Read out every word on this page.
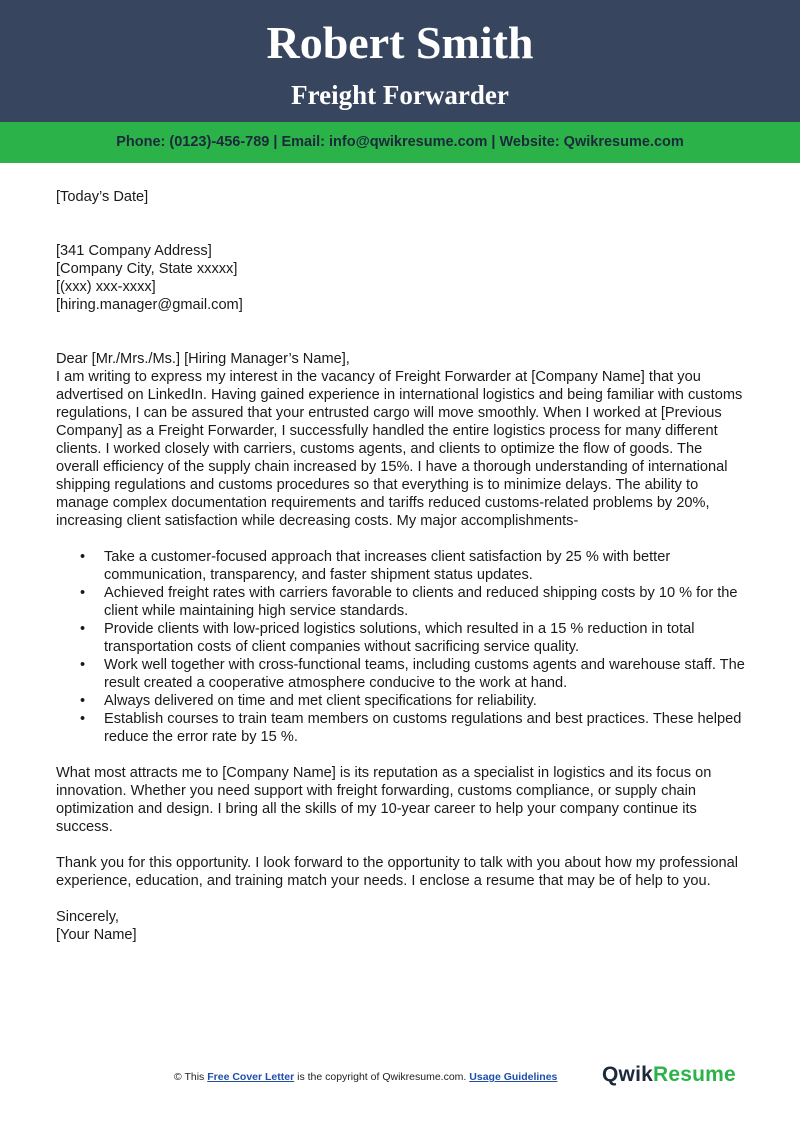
Robert Smith
Freight Forwarder
Phone: (0123)-456-789 | Email: info@qwikresume.com | Website: Qwikresume.com

[Today’s Date]

[341 Company Address]

[Company City, State xxxxx]

[(xxx) xxx-xxxx]

[hiring.manager@gmail.com]

Dear [Mr./Mrs./Ms.] [Hiring Manager’s Name],

I am writing to express my interest in the vacancy of Freight Forwarder at [Company Name] that you advertised on LinkedIn. Having gained experience in international logistics and being familiar with customs regulations, I can be assured that your entrusted cargo will move smoothly. When I worked at [Previous Company] as a Freight Forwarder, I successfully handled the entire logistics process for many different clients. I worked closely with carriers, customs agents, and clients to optimize the flow of goods. The overall efficiency of the supply chain increased by 15%. I have a thorough understanding of international shipping regulations and customs procedures so that everything is to minimize delays. The ability to manage complex documentation requirements and tariffs reduced customs-related problems by 20%, increasing client satisfaction while decreasing costs. My major accomplishments-

• Take a customer-focused approach that increases client satisfaction by 25 % with better communication, transparency, and faster shipment status updates.
• Achieved freight rates with carriers favorable to clients and reduced shipping costs by 10 % for the client while maintaining high service standards.
• Provide clients with low-priced logistics solutions, which resulted in a 15 % reduction in total transportation costs of client companies without sacrificing service quality.
• Work well together with cross-functional teams, including customs agents and warehouse staff. The result created a cooperative atmosphere conducive to the work at hand.
• Always delivered on time and met client specifications for reliability.
• Establish courses to train team members on customs regulations and best practices. These helped reduce the error rate by 15 %.

What most attracts me to [Company Name] is its reputation as a specialist in logistics and its focus on innovation. Whether you need support with freight forwarding, customs compliance, or supply chain optimization and design. I bring all the skills of my 10-year career to help your company continue its success.

Thank you for this opportunity. I look forward to the opportunity to talk with you about how my professional experience, education, and training match your needs. I enclose a resume that may be of help to you.

Sincerely,

[Your Name]

© This Free Cover Letter is the copyright of Qwikresume.com. Usage Guidelines QwikResume
